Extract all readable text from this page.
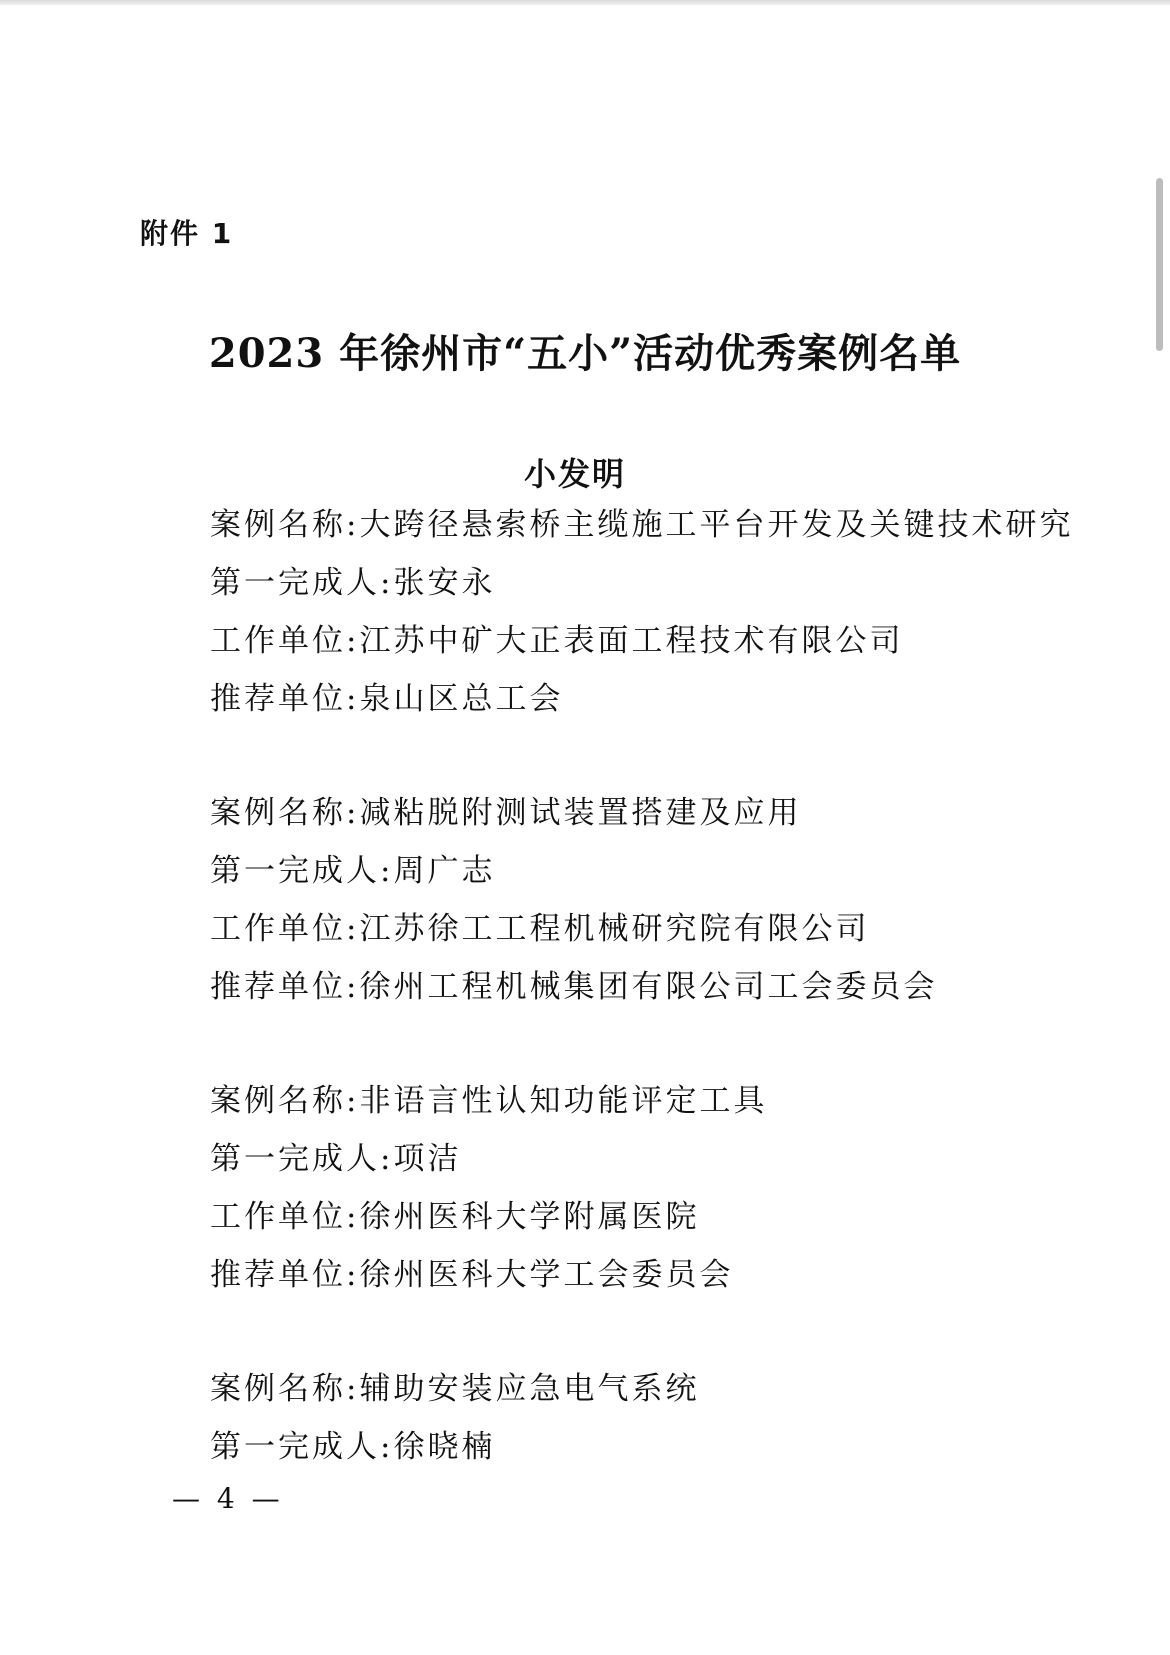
附件 1
2023 年徐州市“五小”活动优秀案例名单
小发明
案例名称:大跨径悬索桥主缆施工平台开发及关键技术研究
第一完成人:张安永
工作单位:江苏中矿大正表面工程技术有限公司
推荐单位:泉山区总工会
案例名称:减粘脱附测试装置搭建及应用
第一完成人:周广志
工作单位:江苏徐工工程机械研究院有限公司
推荐单位:徐州工程机械集团有限公司工会委员会
案例名称:非语言性认知功能评定工具
第一完成人:项洁
工作单位:徐州医科大学附属医院
推荐单位:徐州医科大学工会委员会
案例名称:辅助安装应急电气系统
第一完成人:徐晓楠
— 4 —
